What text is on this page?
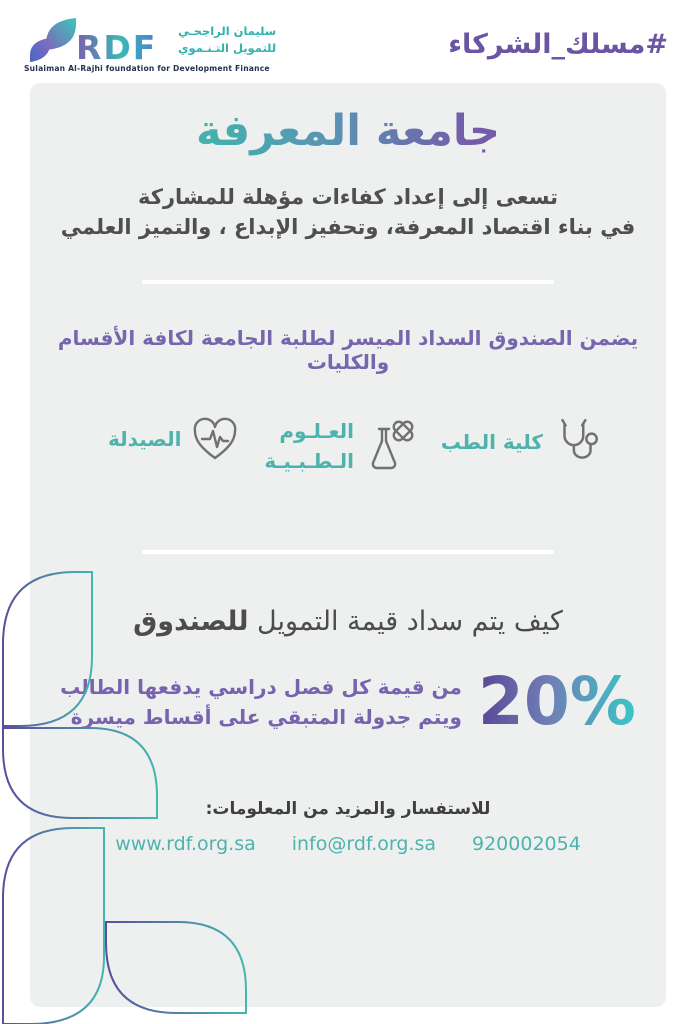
RDF سليمان الراجحـي
للتمويل التـنـموي
Sulaiman Al-Rajhi foundation for Development Finance
#مسلك_الشركاء
جامعة المعرفة
تسعى إلى إعداد كفاءات مؤهلة للمشاركة
في بناء اقتصاد المعرفة، وتحفيز الإبداع ، والتميز العلمي
يضمن الصندوق السداد الميسر لطلبة الجامعة لكافة الأقسام والكليات
كلية الطب
العـلـوم
الـطـبـيـة
الصيدلة
كيف يتم سداد قيمة التمويل للصندوق
20%
من قيمة كل فصل دراسي يدفعها الطالب
ويتم جدولة المتبقي على أقساط ميسرة
للاستفسار والمزيد من المعلومات:
www.rdf.org.sa info@rdf.org.sa 920002054
